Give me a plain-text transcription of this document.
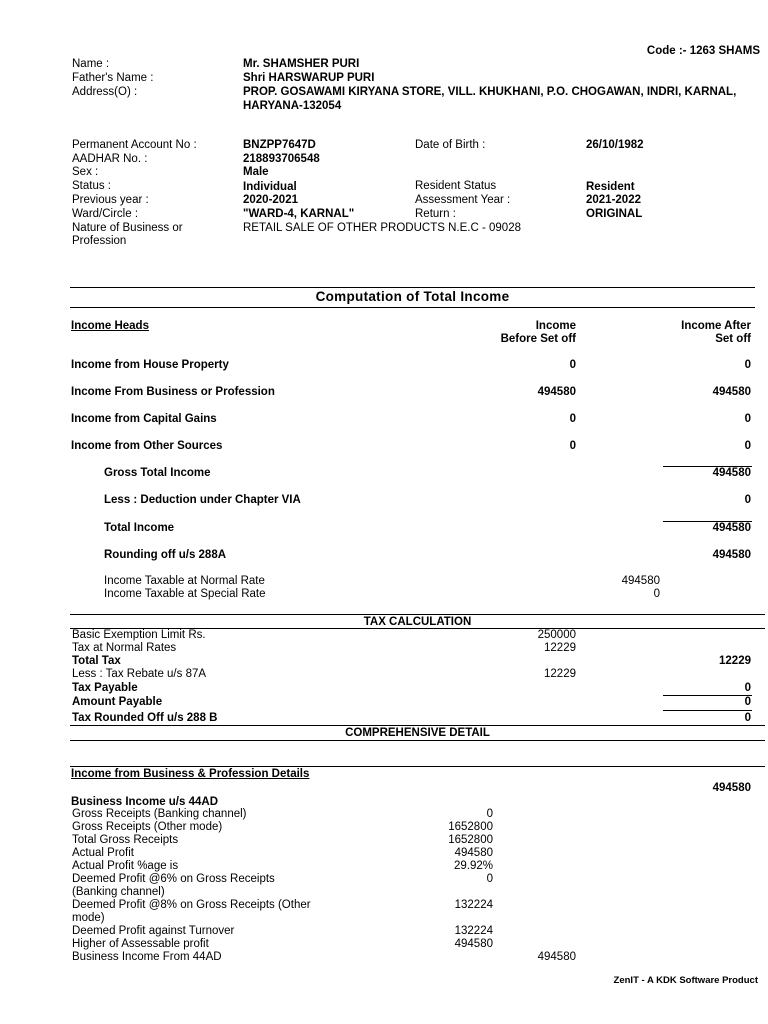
Code :- 1263 SHAMS
Name :	Mr. SHAMSHER PURI
Father's Name :	Shri HARSWARUP PURI
Address(O) :	PROP. GOSAWAMI KIRYANA STORE, VILL. KHUKHANI, P.O. CHOGAWAN, INDRI, KARNAL,
HARYANA-132054
Permanent Account No :	BNZPP7647D	Date of Birth :	26/10/1982
AADHAR No. :	218893706548
Sex :	Male
Status :	Individual	Resident Status	Resident
Previous year :	2020-2021	Assessment Year :	2021-2022
Ward/Circle :	"WARD-4, KARNAL"	Return :	ORIGINAL
Nature of Business or
Profession
RETAIL SALE OF OTHER PRODUCTS N.E.C - 09028
Computation of Total Income
Income Heads	Income
Before Set off
Income After
Set off
Income from House Property	0	0
Income From Business or Profession	494580	494580
Income from Capital Gains	0	0
Income from Other Sources	0	0
Gross Total Income	494580
Less : Deduction under Chapter VIA	0
Total Income	494580
Rounding off u/s 288A	494580
Income Taxable at Normal Rate	494580
Income Taxable at Special Rate	0
TAX CALCULATION
Basic Exemption Limit Rs.	250000
Tax at Normal Rates	12229
Total Tax	12229
Less : Tax Rebate u/s 87A	12229
Tax Payable	0
Amount Payable	0
Tax Rounded Off u/s 288 B	0
COMPREHENSIVE DETAIL
Income from Business & Profession Details
494580
Business Income u/s 44AD
Gross Receipts (Banking channel)	0
Gross Receipts (Other mode)	1652800
Total Gross Receipts	1652800
Actual Profit	494580
Actual Profit %age is	29.92%
Deemed Profit @6% on Gross Receipts	0
(Banking channel)
Deemed Profit @8% on Gross Receipts (Other	132224
mode)
Deemed Profit against Turnover	132224
Higher of Assessable profit	494580
Business Income From 44AD	494580
ZenIT - A KDK Software Product
